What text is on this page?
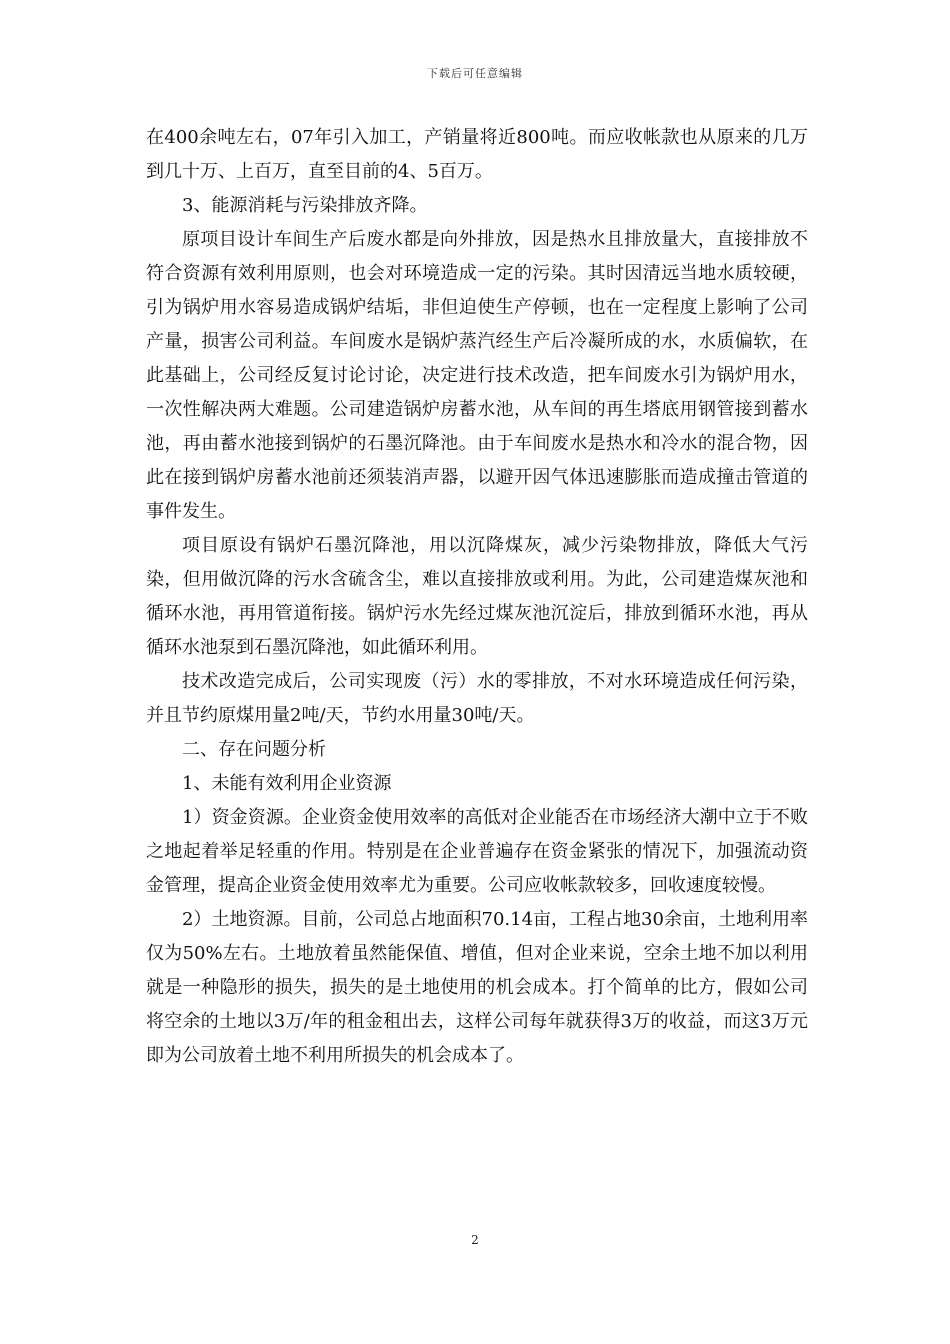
下载后可任意编辑

在400余吨左右，07年引入加工，产销量将近800吨。而应收帐款也从原来的几万到几十万、上百万，直至目前的4、5百万。

3、能源消耗与污染排放齐降。

原项目设计车间生产后废水都是向外排放，因是热水且排放量大，直接排放不符合资源有效利用原则，也会对环境造成一定的污染。其时因清远当地水质较硬，引为锅炉用水容易造成锅炉结垢，非但迫使生产停顿，也在一定程度上影响了公司产量，损害公司利益。车间废水是锅炉蒸汽经生产后冷凝所成的水，水质偏软，在此基础上，公司经反复讨论讨论，决定进行技术改造，把车间废水引为锅炉用水，一次性解决两大难题。公司建造锅炉房蓄水池，从车间的再生塔底用钢管接到蓄水池，再由蓄水池接到锅炉的石墨沉降池。由于车间废水是热水和冷水的混合物，因此在接到锅炉房蓄水池前还须装消声器，以避开因气体迅速膨胀而造成撞击管道的事件发生。

项目原设有锅炉石墨沉降池，用以沉降煤灰，减少污染物排放，降低大气污染，但用做沉降的污水含硫含尘，难以直接排放或利用。为此，公司建造煤灰池和循环水池，再用管道衔接。锅炉污水先经过煤灰池沉淀后，排放到循环水池，再从循环水池泵到石墨沉降池，如此循环利用。

技术改造完成后，公司实现废（污）水的零排放，不对水环境造成任何污染，并且节约原煤用量2吨/天，节约水用量30吨/天。

二、存在问题分析

1、未能有效利用企业资源

1）资金资源。企业资金使用效率的高低对企业能否在市场经济大潮中立于不败之地起着举足轻重的作用。特别是在企业普遍存在资金紧张的情况下，加强流动资金管理，提高企业资金使用效率尤为重要。公司应收帐款较多，回收速度较慢。

2）土地资源。目前，公司总占地面积70.14亩，工程占地30余亩，土地利用率仅为50%左右。土地放着虽然能保值、增值，但对企业来说，空余土地不加以利用就是一种隐形的损失，损失的是土地使用的机会成本。打个简单的比方，假如公司将空余的土地以3万/年的租金租出去，这样公司每年就获得3万的收益，而这3万元即为公司放着土地不利用所损失的机会成本了。

2
